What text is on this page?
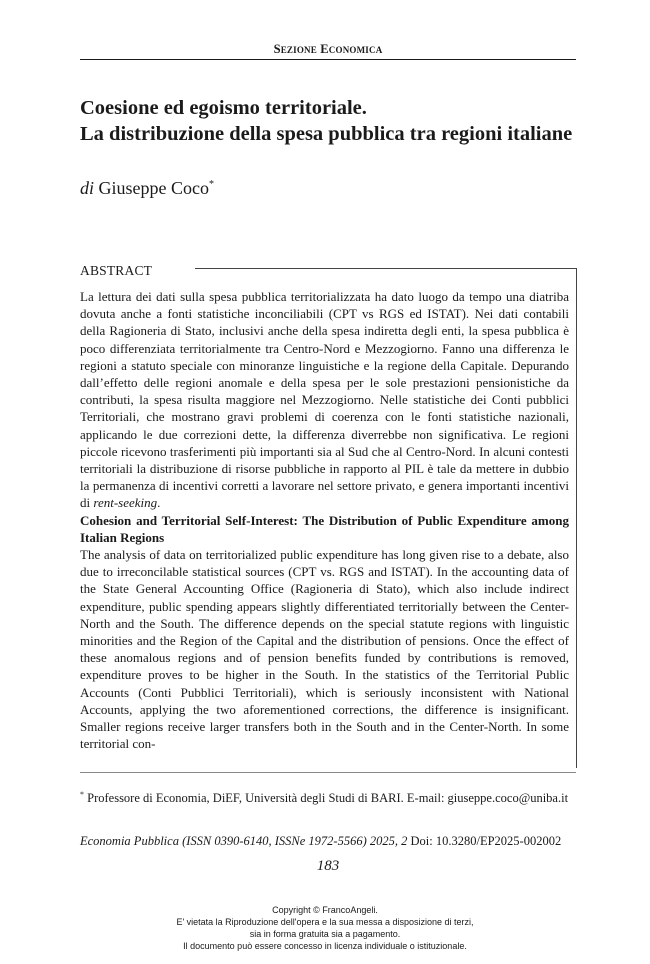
Sezione Economica
Coesione ed egoismo territoriale.
La distribuzione della spesa pubblica tra regioni italiane
di Giuseppe Coco*
ABSTRACT

La lettura dei dati sulla spesa pubblica territorializzata ha dato luogo da tempo una diatriba dovuta anche a fonti statistiche inconciliabili (CPT vs RGS ed ISTAT). Nei dati contabili della Ragioneria di Stato, inclusivi anche della spesa indiretta degli enti, la spesa pubblica è poco differenziata territorialmente tra Centro-Nord e Mezzogiorno. Fanno una differenza le regioni a statuto speciale con minoranze linguistiche e la regione della Capitale. Depurando dall’effetto delle regioni anomale e della spesa per le sole prestazioni pensionistiche da contributi, la spesa risulta maggiore nel Mezzogiorno. Nelle statistiche dei Conti pubblici Territoriali, che mostrano gravi problemi di coerenza con le fonti statistiche nazionali, applicando le due correzioni dette, la differenza diverrebbe non significativa. Le regioni piccole ricevono trasferimenti più importanti sia al Sud che al Centro-Nord. In alcuni contesti territoriali la distribuzione di risorse pubbliche in rapporto al PIL è tale da mettere in dubbio la permanenza di incentivi corretti a lavorare nel settore privato, e genera importanti incentivi di rent-seeking.

Cohesion and Territorial Self-Interest: The Distribution of Public Expenditure among Italian Regions

The analysis of data on territorialized public expenditure has long given rise to a debate, also due to irreconcilable statistical sources (CPT vs. RGS and ISTAT). In the accounting data of the State General Accounting Office (Ragioneria di Stato), which also include indirect expenditure, public spending appears slightly differentiated territorially between the Center-North and the South. The difference depends on the special statute regions with linguistic minorities and the Region of the Capital and the distribution of pensions. Once the effect of these anomalous regions and of pension benefits funded by contributions is removed, expenditure proves to be higher in the South. In the statistics of the Territorial Public Accounts (Conti Pubblici Territoriali), which is seriously inconsistent with National Accounts, applying the two aforementioned corrections, the difference is insignificant. Smaller regions receive larger transfers both in the South and in the Center-North. In some territorial con-

* Professore di Economia, DiEF, Università degli Studi di BARI. E-mail: giuseppe.coco@uniba.it
Economia Pubblica (ISSN 0390-6140, ISSNe 1972-5566) 2025, 2 Doi: 10.3280/EP2025-002002
183
Copyright © FrancoAngeli.
E' vietata la Riproduzione dell'opera e la sua messa a disposizione di terzi,
sia in forma gratuita sia a pagamento.
Il documento può essere concesso in licenza individuale o istituzionale.
